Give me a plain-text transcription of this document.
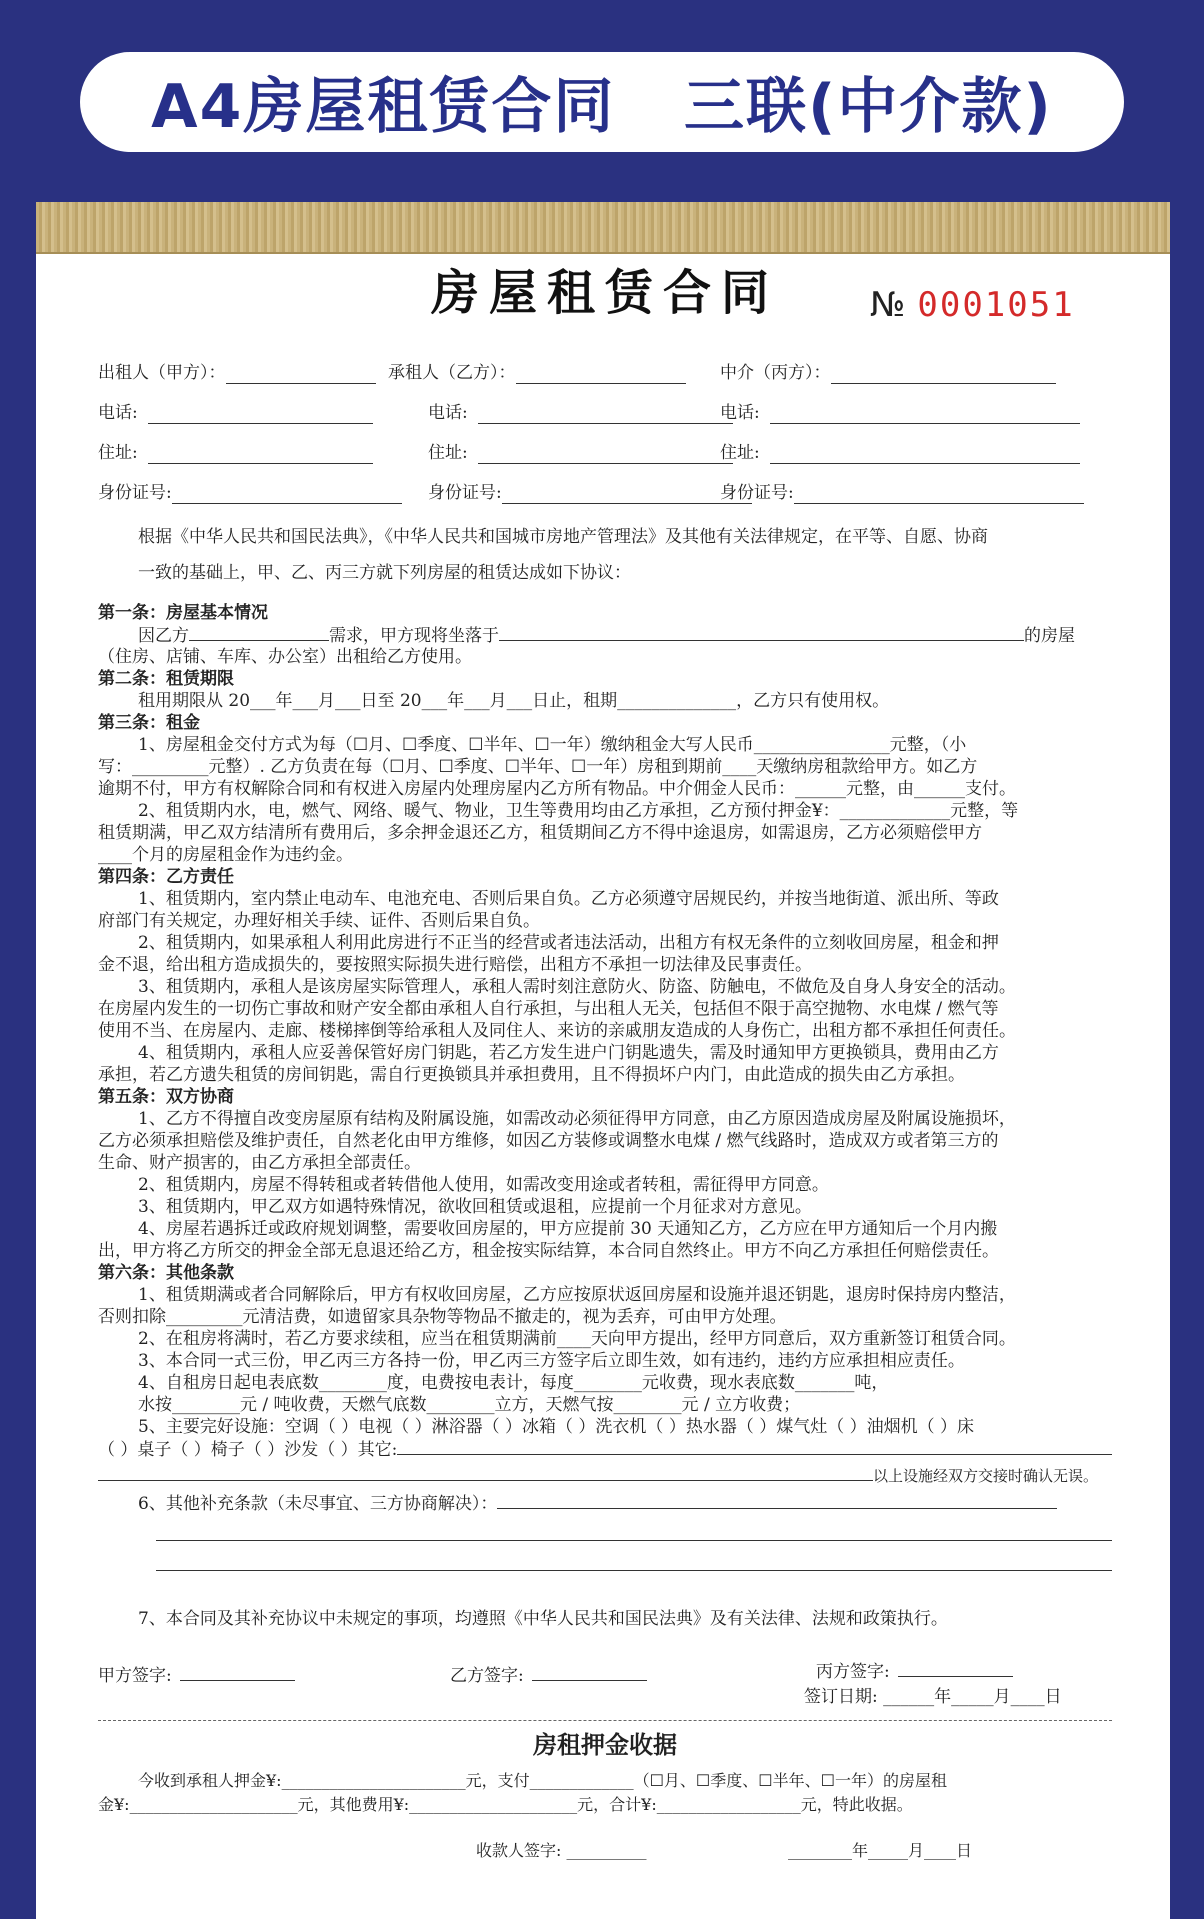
A4房屋租赁合同   三联(中介款)
房屋租赁合同	№ 0001051
出租人（甲方）：	承租人（乙方）：	中介（丙方）：
电话:	电话:	电话:
住址:	住址:	住址:
身份证号:	身份证号:	身份证号:
根据《中华人民共和国民法典》，《中华人民共和国城市房地产管理法》及其他有关法律规定，在平等、自愿、协商
一致的基础上，甲、乙、丙三方就下列房屋的租赁达成如下协议：
第一条：房屋基本情况
因乙方	需求，甲方现将坐落于	的房屋
（住房、店铺、车库、办公室）出租给乙方使用。
第二条：租赁期限
租用期限从 20___年___月___日至 20___年___月___日止，租期______________，乙方只有使用权。
第三条：租金
1、房屋租金交付方式为每（☐月、☐季度、☐半年、☐一年）缴纳租金大写人民币________________元整，（小
写：_________元整）. 乙方负责在每（☐月、☐季度、☐半年、☐一年）房租到期前____天缴纳房租款给甲方。如乙方
逾期不付，甲方有权解除合同和有权进入房屋内处理房屋内乙方所有物品。中介佣金人民币：______元整，由______支付。
2、租赁期内水，电，燃气、网络、暖气、物业，卫生等费用均由乙方承担，乙方预付押金¥：_____________元整，等
租赁期满，甲乙双方结清所有费用后，多余押金退还乙方，租赁期间乙方不得中途退房，如需退房，乙方必须赔偿甲方
____个月的房屋租金作为违约金。
第四条：乙方责任
1、租赁期内，室内禁止电动车、电池充电、否则后果自负。乙方必须遵守居规民约，并按当地街道、派出所、等政
府部门有关规定，办理好相关手续、证件、否则后果自负。
2、租赁期内，如果承租人利用此房进行不正当的经营或者违法活动，出租方有权无条件的立刻收回房屋，租金和押
金不退，给出租方造成损失的，要按照实际损失进行赔偿，出租方不承担一切法律及民事责任。
3、租赁期内，承租人是该房屋实际管理人，承租人需时刻注意防火、防盗、防触电，不做危及自身人身安全的活动。
在房屋内发生的一切伤亡事故和财产安全都由承租人自行承担，与出租人无关，包括但不限于高空抛物、水电煤 / 燃气等
使用不当、在房屋内、走廊、楼梯摔倒等给承租人及同住人、来访的亲戚朋友造成的人身伤亡，出租方都不承担任何责任。
4、租赁期内，承租人应妥善保管好房门钥匙，若乙方发生进户门钥匙遗失，需及时通知甲方更换锁具，费用由乙方
承担，若乙方遗失租赁的房间钥匙，需自行更换锁具并承担费用，且不得损坏户内门，由此造成的损失由乙方承担。
第五条：双方协商
1、乙方不得擅自改变房屋原有结构及附属设施，如需改动必须征得甲方同意，由乙方原因造成房屋及附属设施损坏，
乙方必须承担赔偿及维护责任，自然老化由甲方维修，如因乙方装修或调整水电煤 / 燃气线路时，造成双方或者第三方的
生命、财产损害的，由乙方承担全部责任。
2、租赁期内，房屋不得转租或者转借他人使用，如需改变用途或者转租，需征得甲方同意。
3、租赁期内，甲乙双方如遇特殊情况，欲收回租赁或退租，应提前一个月征求对方意见。
4、房屋若遇拆迁或政府规划调整，需要收回房屋的，甲方应提前 30 天通知乙方，乙方应在甲方通知后一个月内搬
出，甲方将乙方所交的押金全部无息退还给乙方，租金按实际结算，本合同自然终止。甲方不向乙方承担任何赔偿责任。
第六条：其他条款
1、租赁期满或者合同解除后，甲方有权收回房屋，乙方应按原状返回房屋和设施并退还钥匙，退房时保持房内整洁，
否则扣除_________元清洁费，如遗留家具杂物等物品不撤走的，视为丢弃，可由甲方处理。
2、在租房将满时，若乙方要求续租，应当在租赁期满前____天向甲方提出，经甲方同意后，双方重新签订租赁合同。
3、本合同一式三份，甲乙丙三方各持一份，甲乙丙三方签字后立即生效，如有违约，违约方应承担相应责任。
4、自租房日起电表底数________度，电费按电表计，每度________元收费，现水表底数_______吨，
水按________元 / 吨收费，天燃气底数________立方，天燃气按________元 / 立方收费；
5、主要完好设施：空调（ ）电视（ ）淋浴器（ ）冰箱（ ）洗衣机（ ）热水器（ ）煤气灶（ ）油烟机（ ）床
（ ）桌子（ ）椅子（ ）沙发（ ）其它:
以上设施经双方交接时确认无误。
6、其他补充条款（未尽事宜、三方协商解决）：
7、本合同及其补充协议中未规定的事项，均遵照《中华人民共和国民法典》及有关法律、法规和政策执行。
甲方签字:	乙方签字:	丙方签字:
签订日期: ______年_____月____日
房租押金收据
今收到承租人押金¥:_______________________元，支付_____________（☐月、☐季度、☐半年、☐一年）的房屋租
金¥:_____________________元，其他费用¥:_____________________元，合计¥:__________________元，特此收据。
收款人签字: __________	________年_____月____日
